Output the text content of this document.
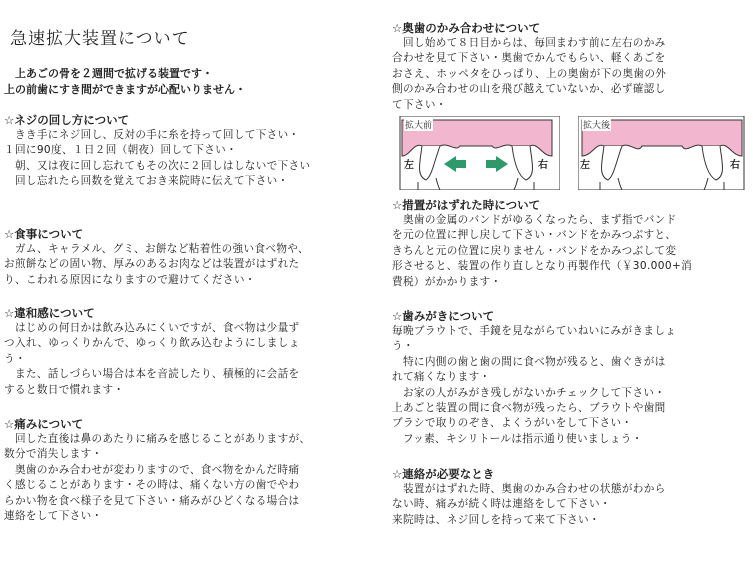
急速拡大装置について
　上あごの骨を２週間で拡げる装置です・
上の前歯にすき間ができますが心配いりません・
☆ネジの回し方について

　きき手にネジ回し、反対の手に糸を持って回して下さい・

１回に90度、１日２回（朝夜）回して下さい・

　朝、又は夜に回し忘れてもその次に２回しはしないで下さい

　回し忘れたら回数を覚えておき来院時に伝えて下さい・

☆食事について

　ガム、キャラメル、グミ、お餅など粘着性の強い食べ物や、

お煎餅などの固い物、厚みのあるお肉などは装置がはずれた

り、こわれる原因になりますので避けてください・

☆違和感について

　はじめの何日かは飲み込みにくいですが、食べ物は少量ず

つ入れ、ゆっくりかんで、ゆっくり飲み込むようにしましょ

う・

　また、話しづらい場合は本を音読したり、積極的に会話を

すると数日で慣れます・

☆痛みについて

　回した直後は鼻のあたりに痛みを感じることがありますが、

数分で消失します・

　奥歯のかみ合わせが変わりますので、食べ物をかんだ時痛

く感じることがあります・その時は、痛くない方の歯でやわ

らかい物を食べ様子を見て下さい・痛みがひどくなる場合は

連絡をして下さい・

☆奥歯のかみ合わせについて

　回し始めて８日目からは、毎回まわす前に左右のかみ

合わせを見て下さい・奥歯でかんでもらい、軽くあごを

おさえ、ホッペタをひっぱり、上の奥歯が下の奥歯の外

側のかみ合わせの山を飛び越えていないか、必ず確認し

て下さい・

拡大前
左	右
拡大後
左	右
☆措置がはずれた時について

　奥歯の金属のバンドがゆるくなったら、まず指でバンド

を元の位置に押し戻して下さい・バンドをかみつぶすと、

きちんと元の位置に戻りません・バンドをかみつぶして変

形させると、装置の作り直しとなり再製作代（￥30.000+消

費税）がかかります・

☆歯みがきについて

毎晩ブラウトで、手鏡を見ながらていねいにみがきましょ

う・

　特に内側の歯と歯の間に食べ物が残ると、歯ぐきがは

れて痛くなります・

　お家の人がみがき残しがないかチェックして下さい・

上あごと装置の間に食べ物が残ったら、ブラウトや歯間

ブラシで取りのぞき、よくうがいをして下さい・

　フッ素、キシリトールは指示通り使いましょう・

☆連絡が必要なとき

　装置がはずれた時、奥歯のかみ合わせの状態がわから

ない時、痛みが続く時は連絡をして下さい・

来院時は、ネジ回しを持って来て下さい・
